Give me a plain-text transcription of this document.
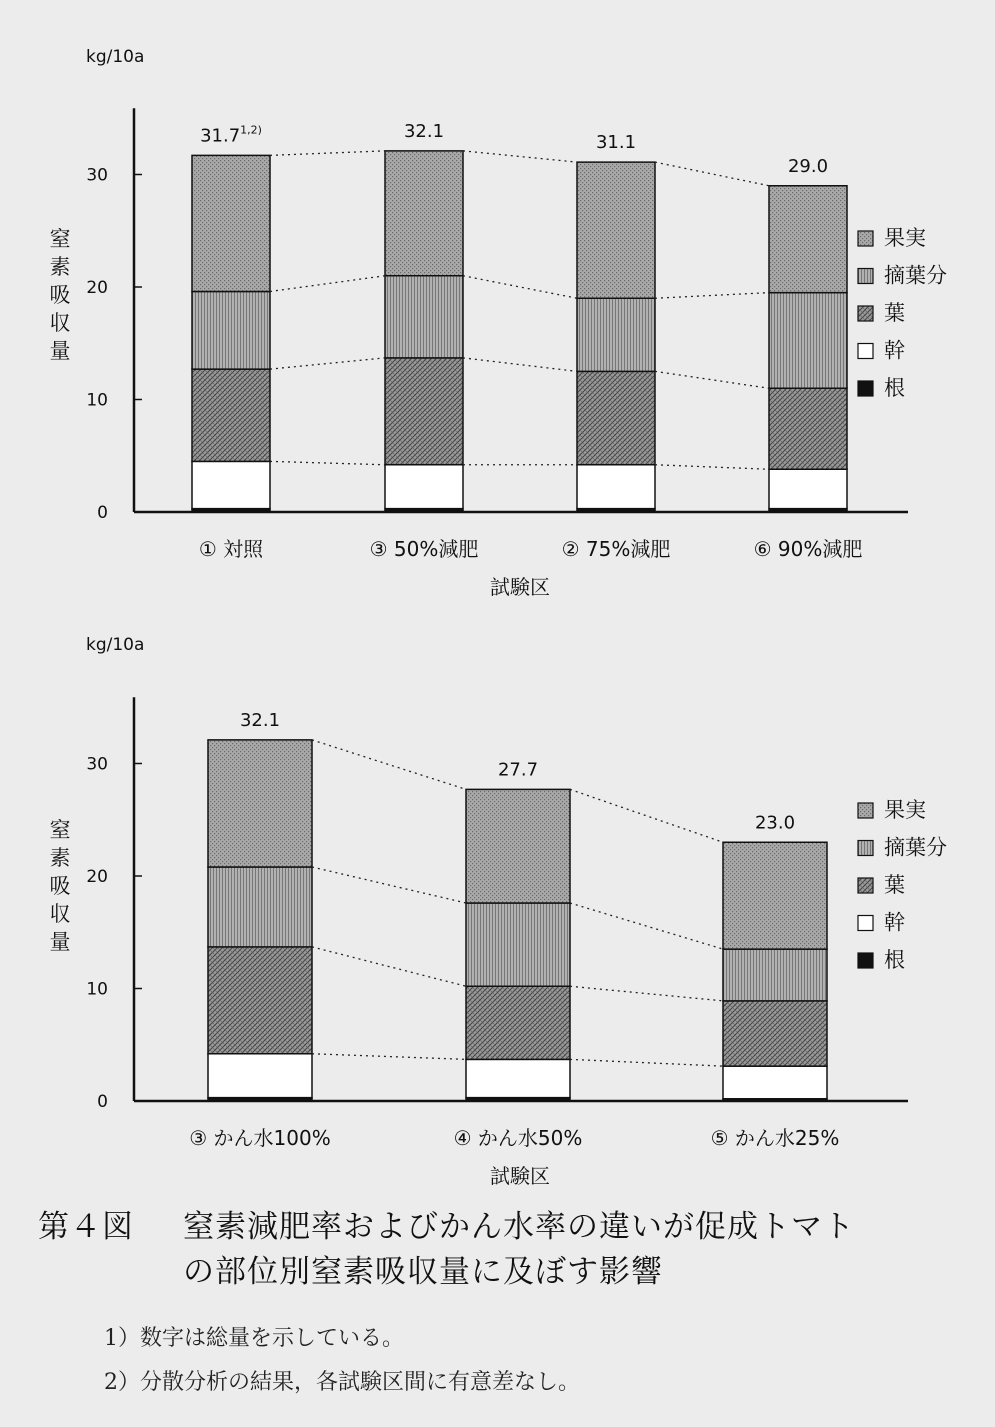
kg/10a
0
10
20
30
窒素吸収量
31.7$^{1,2)}$
① 対照
32.1
③ 50%減肥
31.1
② 75%減肥
29.0
⑥ 90%減肥
試験区
果実
摘葉分
葉
幹
根
kg/10a
0
10
20
30
窒素吸収量
32.1
③ かん水100%
27.7
④ かん水50%
23.0
⑤ かん水25%
試験区
果実
摘葉分
葉
幹
根
第４図 窒素減肥率およびかん水率の違いが促成トマト
の部位別窒素吸収量に及ぼす影響
1）数字は総量を示している。
2）分散分析の結果，各試験区間に有意差なし。
